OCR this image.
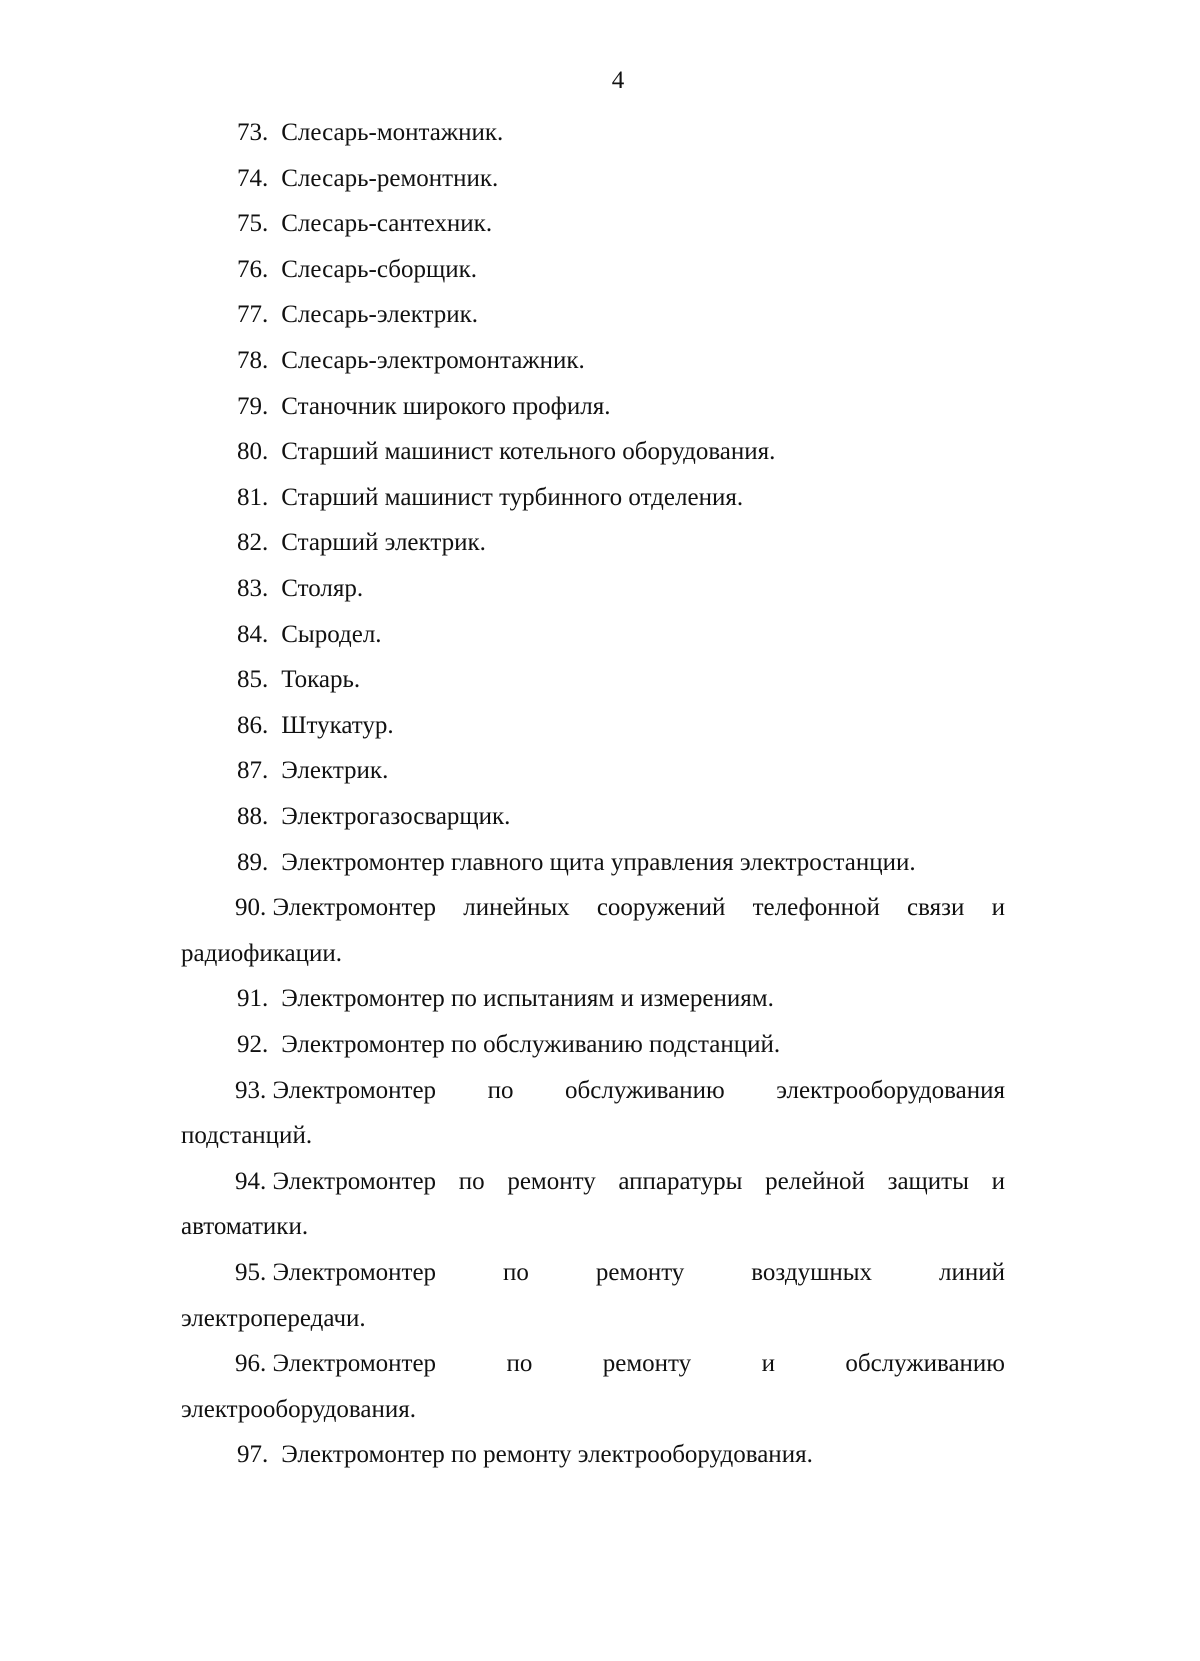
4
73. Слесарь-монтажник.
74. Слесарь-ремонтник.
75. Слесарь-сантехник.
76. Слесарь-сборщик.
77. Слесарь-электрик.
78. Слесарь-электромонтажник.
79. Станочник широкого профиля.
80. Старший машинист котельного оборудования.
81. Старший машинист турбинного отделения.
82. Старший электрик.
83. Столяр.
84. Сыродел.
85. Токарь.
86. Штукатур.
87. Электрик.
88. Электрогазосварщик.
89. Электромонтер главного щита управления электростанции.
90. Электромонтер линейных сооружений телефонной связи и
радиофикации.
91. Электромонтер по испытаниям и измерениям.
92. Электромонтер по обслуживанию подстанций.
93. Электромонтер по обслуживанию электрооборудования
подстанций.
94. Электромонтер по ремонту аппаратуры релейной защиты и
автоматики.
95. Электромонтер	по	ремонту	воздушных	линий
электропередачи.
96. Электромонтер	по	ремонту	и	обслуживанию
электрооборудования.
97. Электромонтер по ремонту электрооборудования.
